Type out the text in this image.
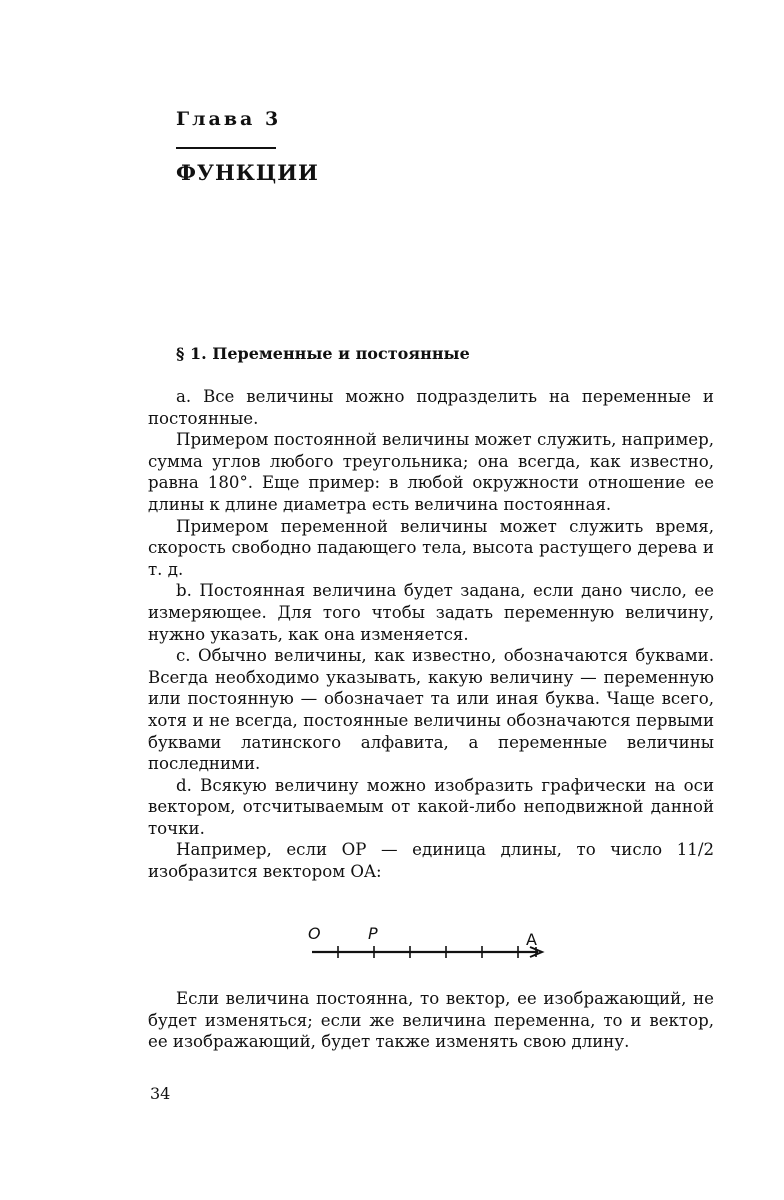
Глава 3
ФУНКЦИИ
§ 1. Переменные и постоянные

а. Все величины можно подразделить на переменные и постоянные.

Примером постоянной величины может служить, например, сумма углов любого треугольника; она всегда, как известно, равна 180°. Еще пример: в любой окружности отношение ее длины к длине диаметра есть величина постоянная.

Примером переменной величины может служить время, скорость свободно падающего тела, высота растущего дерева и т. д.

b. Постоянная величина будет задана, если дано число, ее измеряющее. Для того чтобы задать переменную величину, нужно указать, как она изменяется.

c. Обычно величины, как известно, обозначаются буквами. Всегда необходимо указывать, какую величину — переменную или постоянную — обозначает та или иная буква. Чаще всего, хотя и не всегда, постоянные величины обозначаются первыми буквами латинского алфавита, а переменные величины последними.

d. Всякую величину можно изобразить графически на оси вектором, отсчитываемым от какой-либо неподвижной данной точки.

Например, если OP — единица длины, то число 11/2 изобразится вектором OA:

O	P	A

Если величина постоянна, то вектор, ее изображающий, не будет изменяться; если же величина переменна, то и вектор, ее изображающий, будет также изменять свою длину.

34
